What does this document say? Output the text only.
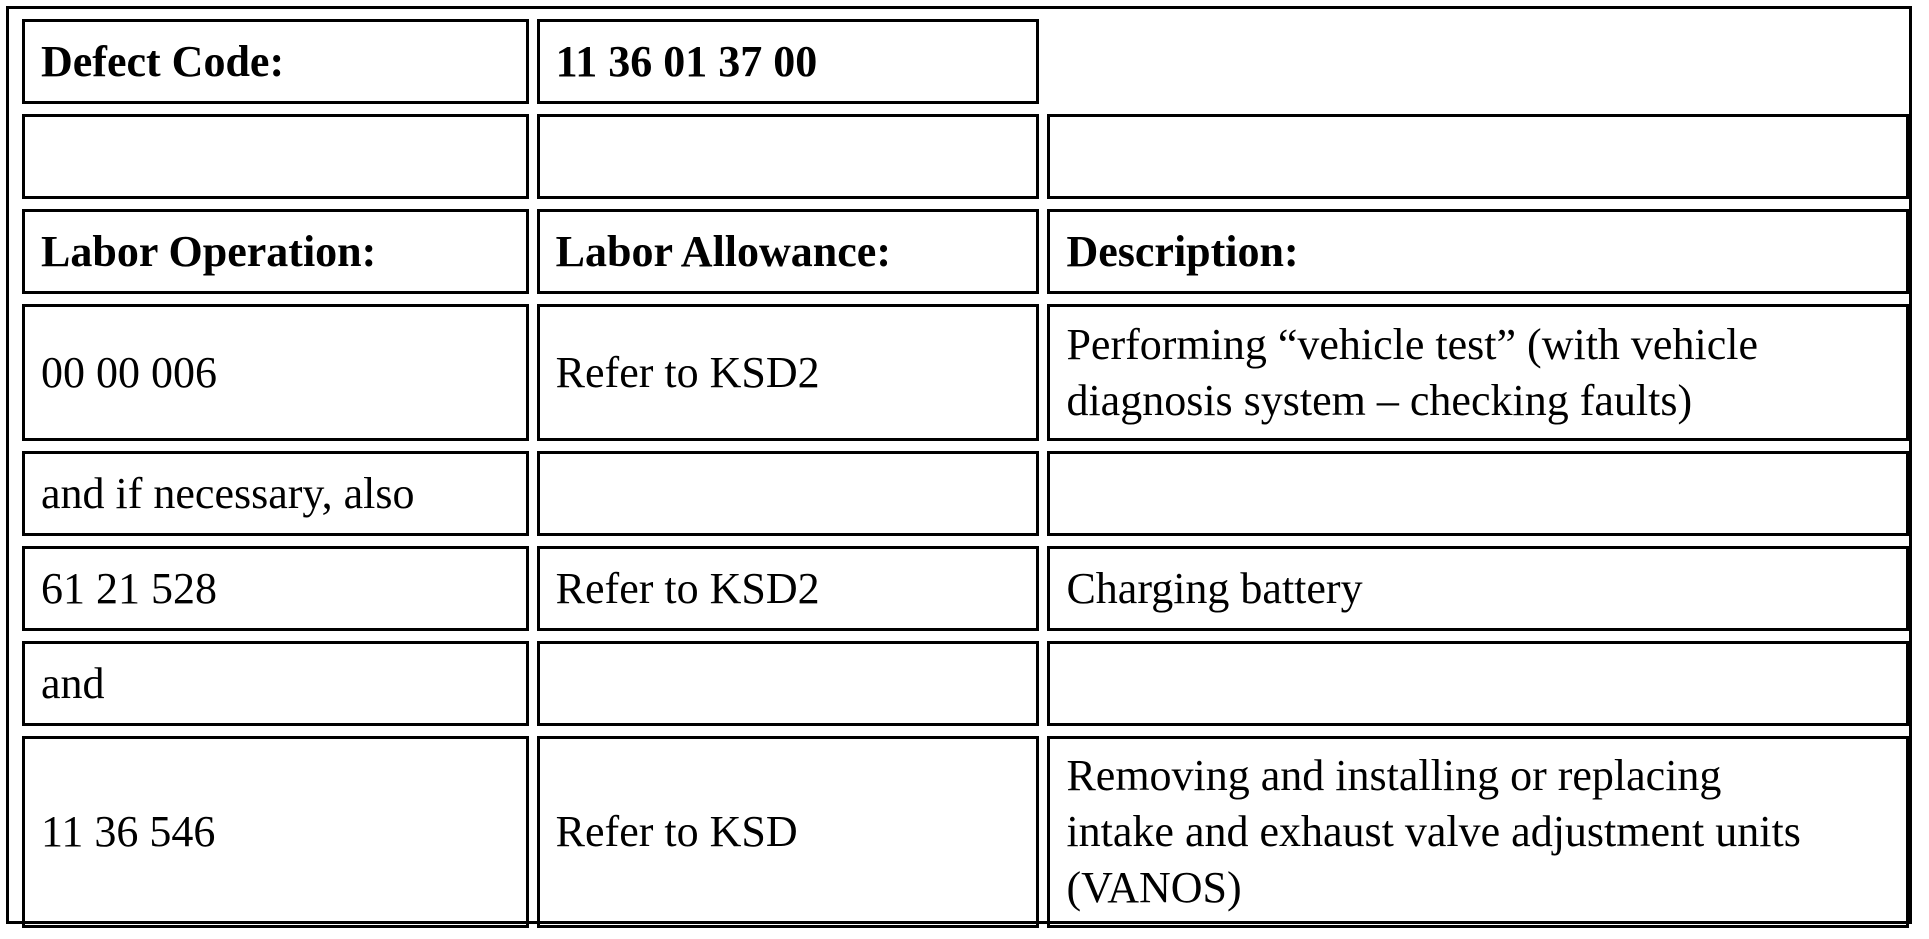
Defect Code:	11 36 01 37 00	

Labor Operation:	Labor Allowance:	Description:
00 00 006	Refer to KSD2	Performing “vehicle test” (with vehicle
diagnosis system – checking faults)

and if necessary, also		
61 21 528	Refer to KSD2	Charging battery
and		
11 36 546	Refer to KSD	Removing and installing or replacing
intake and exhaust valve adjustment units
(VANOS)
